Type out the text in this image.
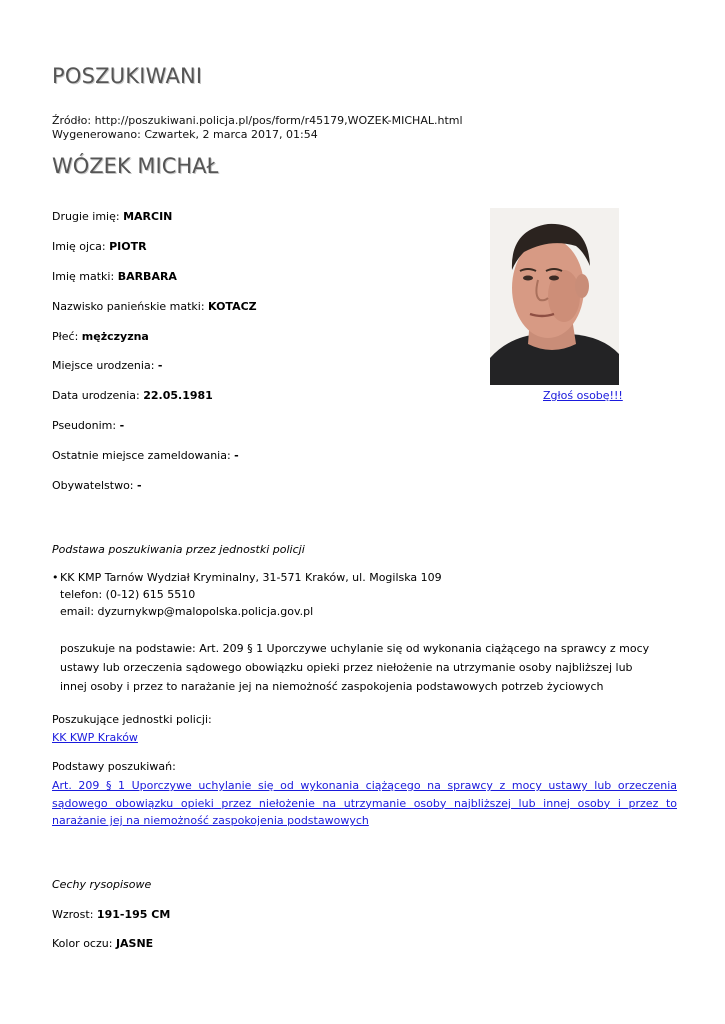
POSZUKIWANI
Źródło: http://poszukiwani.policja.pl/pos/form/r45179,WOZEK-MICHAL.html
Wygenerowano: Czwartek, 2 marca 2017, 01:54
WÓZEK MICHAŁ
Drugie imię: MARCIN
Imię ojca: PIOTR
Imię matki: BARBARA
Nazwisko panieńskie matki: KOTACZ
Płeć: mężczyzna
Miejsce urodzenia: -
Data urodzenia: 22.05.1981
Pseudonim: -
Ostatnie miejsce zameldowania: -
Obywatelstwo: -
Zgłoś osobę!!!
Podstawa poszukiwania przez jednostki policji
• KK KMP Tarnów Wydział Kryminalny, 31-571 Kraków, ul. Mogilska 109
telefon: (0-12) 615 5510
email: dyzurnykwp@malopolska.policja.gov.pl
poszukuje na podstawie: Art. 209 § 1 Uporczywe uchylanie się od wykonania ciążącego na sprawcy z mocy ustawy lub orzeczenia sądowego obowiązku opieki przez niełożenie na utrzymanie osoby najbliższej lub innej osoby i przez to narażanie jej na niemożność zaspokojenia podstawowych potrzeb życiowych
Poszukujące jednostki policji:
KK KWP Kraków
Podstawy poszukiwań:
Art. 209 § 1 Uporczywe uchylanie się od wykonania ciążącego na sprawcy z mocy ustawy lub orzeczenia sądowego obowiązku opieki przez niełożenie na utrzymanie osoby najbliższej lub innej osoby i przez to narażanie jej na niemożność zaspokojenia podstawowych
Cechy rysopisowe
Wzrost: 191-195 CM
Kolor oczu: JASNE
